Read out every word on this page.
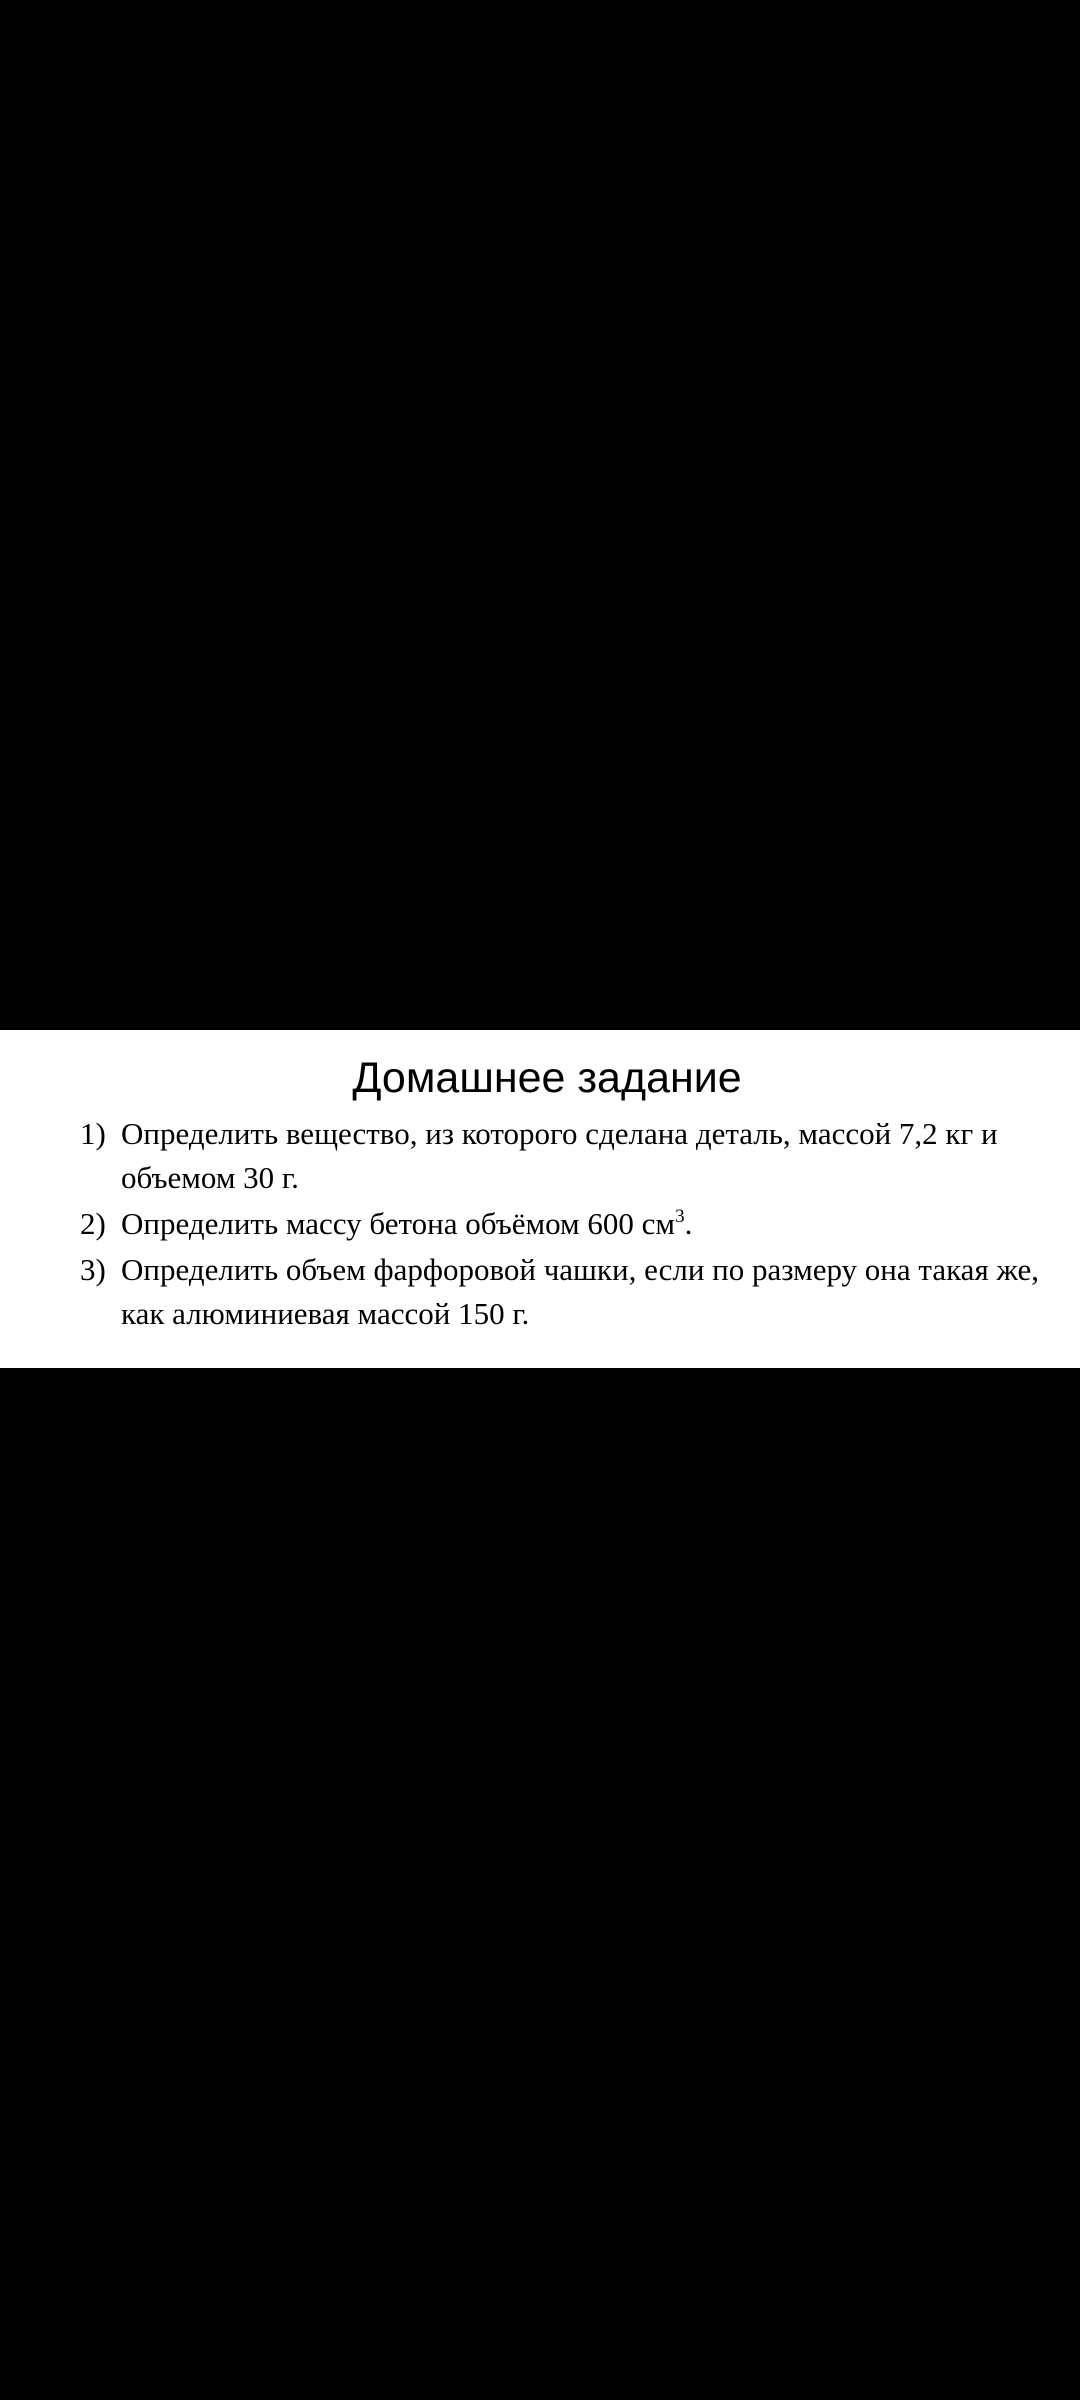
Домашнее задание
1) Определить вещество, из которого сделана деталь, массой 7,2 кг и объемом 30 г.
2) Определить массу бетона объёмом 600 $см^3$.
3) Определить объем фарфоровой чашки, если по размеру она такая же, как алюминиевая массой 150 г.
